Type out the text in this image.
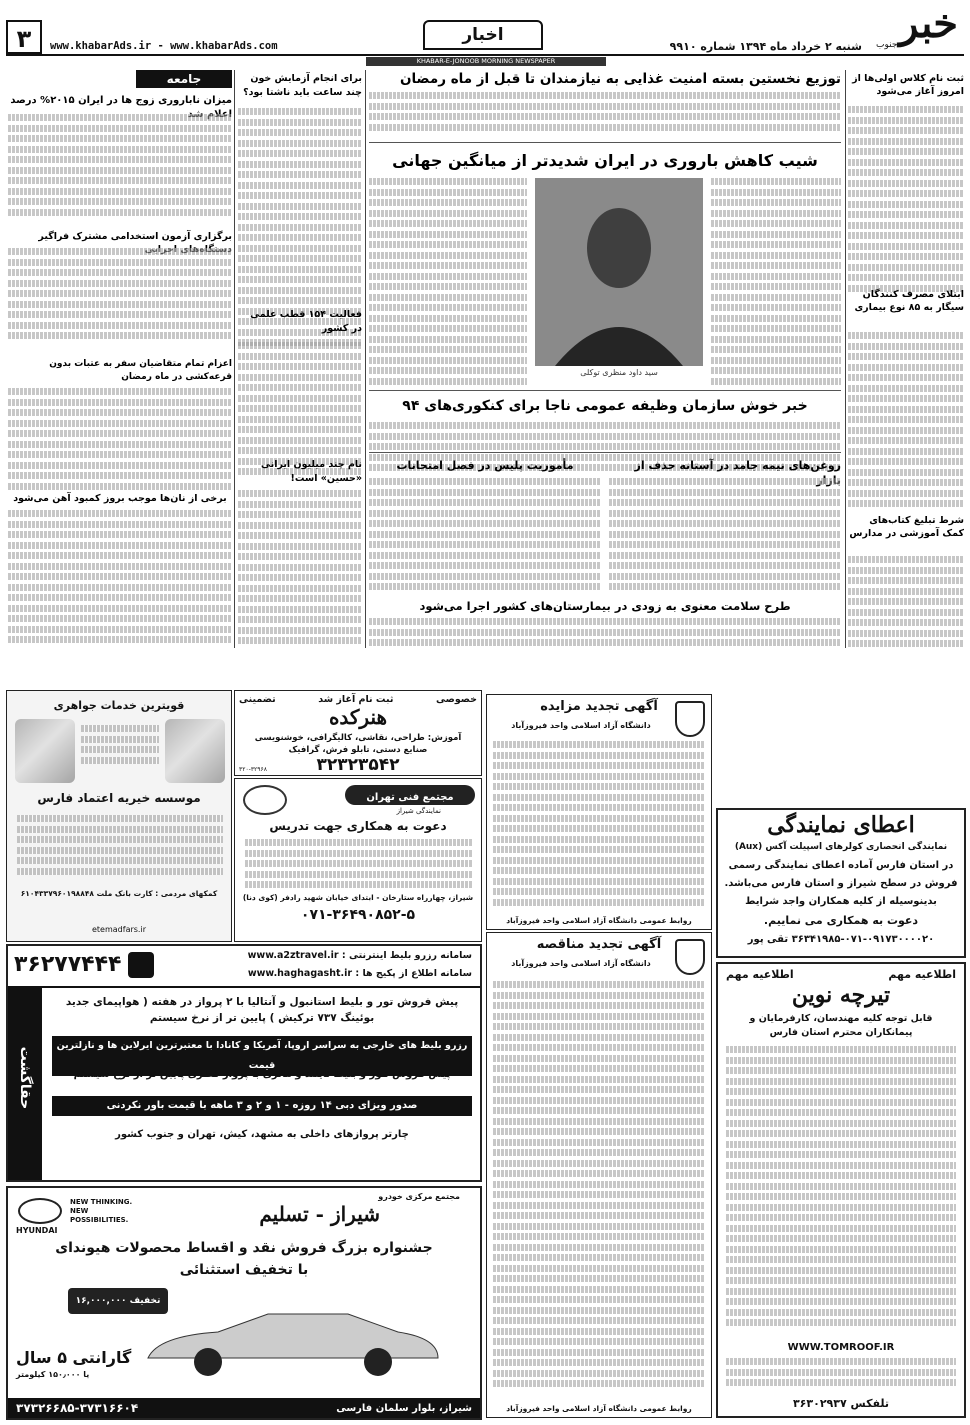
خبر
جنوب
شنبه ۲ خرداد ماه ۱۳۹۴ شماره ۹۹۱۰
اخبار
www.khabarAds.ir - www.khabarAds.com
۳
KHABAR-E-JONOOB MORNING NEWSPAPER
جامعه
میزان ناباروری زوج ها در ایران ۲۰۱۵% درصد
برگزاری آزمون استخدامی مشترک فراگیر
اعزام تمام متقاضیان سفر به عتبات بدون قرعه‌کشی در ماه رمضان
برخی از نان‌ها موجب بروز کمبود آهن می‌شود
برای انجام آزمایش خون چند ساعت باید ناشتا بود؟
فعالیت ۱۵۴ قطب علمی در کشور
نام چند میلیون ایرانی «حسین» است!
توزیع نخستین بسته امنیت غذایی به نیازمندان تا قبل از ماه رمضان
شیب کاهش باروری در ایران شدیدتر از میانگین جهانی
سید داود منظری توکلی
خبر خوش سازمان وظیفه عمومی ناجا برای کنکوری‌های ۹۴
روغن‌های نیمه جامد در آستانه حذف از
مأموریت پلیس در فصل امتحانات
طرح سلامت معنوی به زودی در بیمارستان‌های کشور اجرا می‌شود
ثبت نام کلاس اولی‌ها از امروز آغاز می‌شود
ابتلای مصرف کنندگان سیگار به ۸۵ نوع بیماری
شرط تبلیغ کتاب‌های کمک آموزشی در مدارس
قویترین خدمات جواهری
موسسه خیریه اعتماد فارس
کمکهای مردمی : کارت بانک ملت ۶۱۰۴۳۳۷۹۶۰۱۹۸۸۴۸
etemadfars.ir
خصوصی
ثبت نام آغاز شد
تضمینی
هنرکده
آموزش: طراحی، نقاشی، کالیگرافی، خوشنویسی
صنایع دستی، تابلو فرش، گرافیک
۳۲۳۲۳۵۴۲
۳۲۰-۳۲۹۶۸
مجتمع فنی تهران
نمایندگی شیراز
دعوت به همکاری جهت تدریس
شیراز، چهارراه ستارخان - ابتدای خیابان شهید رادفر (کوی دنا)
۰۷۱-۳۶۴۹۰۸۵۲-۵
آگهی تجدید مزایده
دانشگاه آزاد اسلامی واحد فیروزآباد
روابط عمومی دانشگاه آزاد اسلامی واحد فیروزآباد
آگهی تجدید مناقصه
دانشگاه آزاد اسلامی واحد فیروزآباد
روابط عمومی دانشگاه آزاد اسلامی واحد فیروزآباد
اعطای نمایندگی
نمایندگی انحصاری کولرهای اسپیلت آکس (Aux)
در استان فارس آماده اعطای نمایندگی رسمی
فروش در سطح شیراز و استان فارس می‌باشد.
بدینوسیله از کلیه همکاران واجد شرایط
دعوت به همکاری می نماییم.
۳۶۳۴۱۹۸۵-۰۷۱-۰۹۱۷۳۰۰۰۰۲۰ تقی پور
اطلاعیه مهم
اطلاعیه مهم
تیرچه نوین
قابل توجه کلیه مهندسان، کارفرمایان و پیمانکاران محترم استان فارس
WWW.TOMROOF.IR
تلفکس ۳۶۳۰۲۹۳۷
سامانه رزرو بلیط اینترنتی : www.a2ztravel.ir
سامانه اطلاع از پکیج ها : www.haghagasht.ir
۳۶۲۷۷۴۴۴
حقاگشت
پیش فروش تور و بلیط استانبول و آنتالیا با ۲ پرواز در هفته ( هواپیمای جدید بوئینگ ۷۳۷ ترکیش ) پایین تر از نرخ سیستم
رزرو بلیط های خارجی به سراسر اروپا، آمریکا و کانادا با معتبرترین ایرلاین ها و نازلترین قیمت
پیش فروش تـور و بلیط تایلند و مالزی با پرواز قطری پایین تر از نرخ سیستم
صدور ویزای دبی ۱۴ روزه - ۱ و ۲ و ۳ ماهه با قیمت باور نکردنی
چارتر پروازهای داخلی به مشهد، کیش، تهران و جنوب کشور
مجتمع مرکزی خودرو
شیراز - تسلیم
HYUNDAI
NEW THINKING. NEW POSSIBILITIES.
جشنواره بزرگ فروش نقد و اقساط محصولات هیوندای
با تخفیف استثنائی
تخفیف ۱۶,۰۰۰,۰۰۰ تومان
گارانتی ۵ سال
یا ۱۵۰٫۰۰۰ کیلومتر
شیراز، بلوار سلمان فارسی
۳۷۳۲۶۶۸۵-۳۷۳۱۶۶۰۴
